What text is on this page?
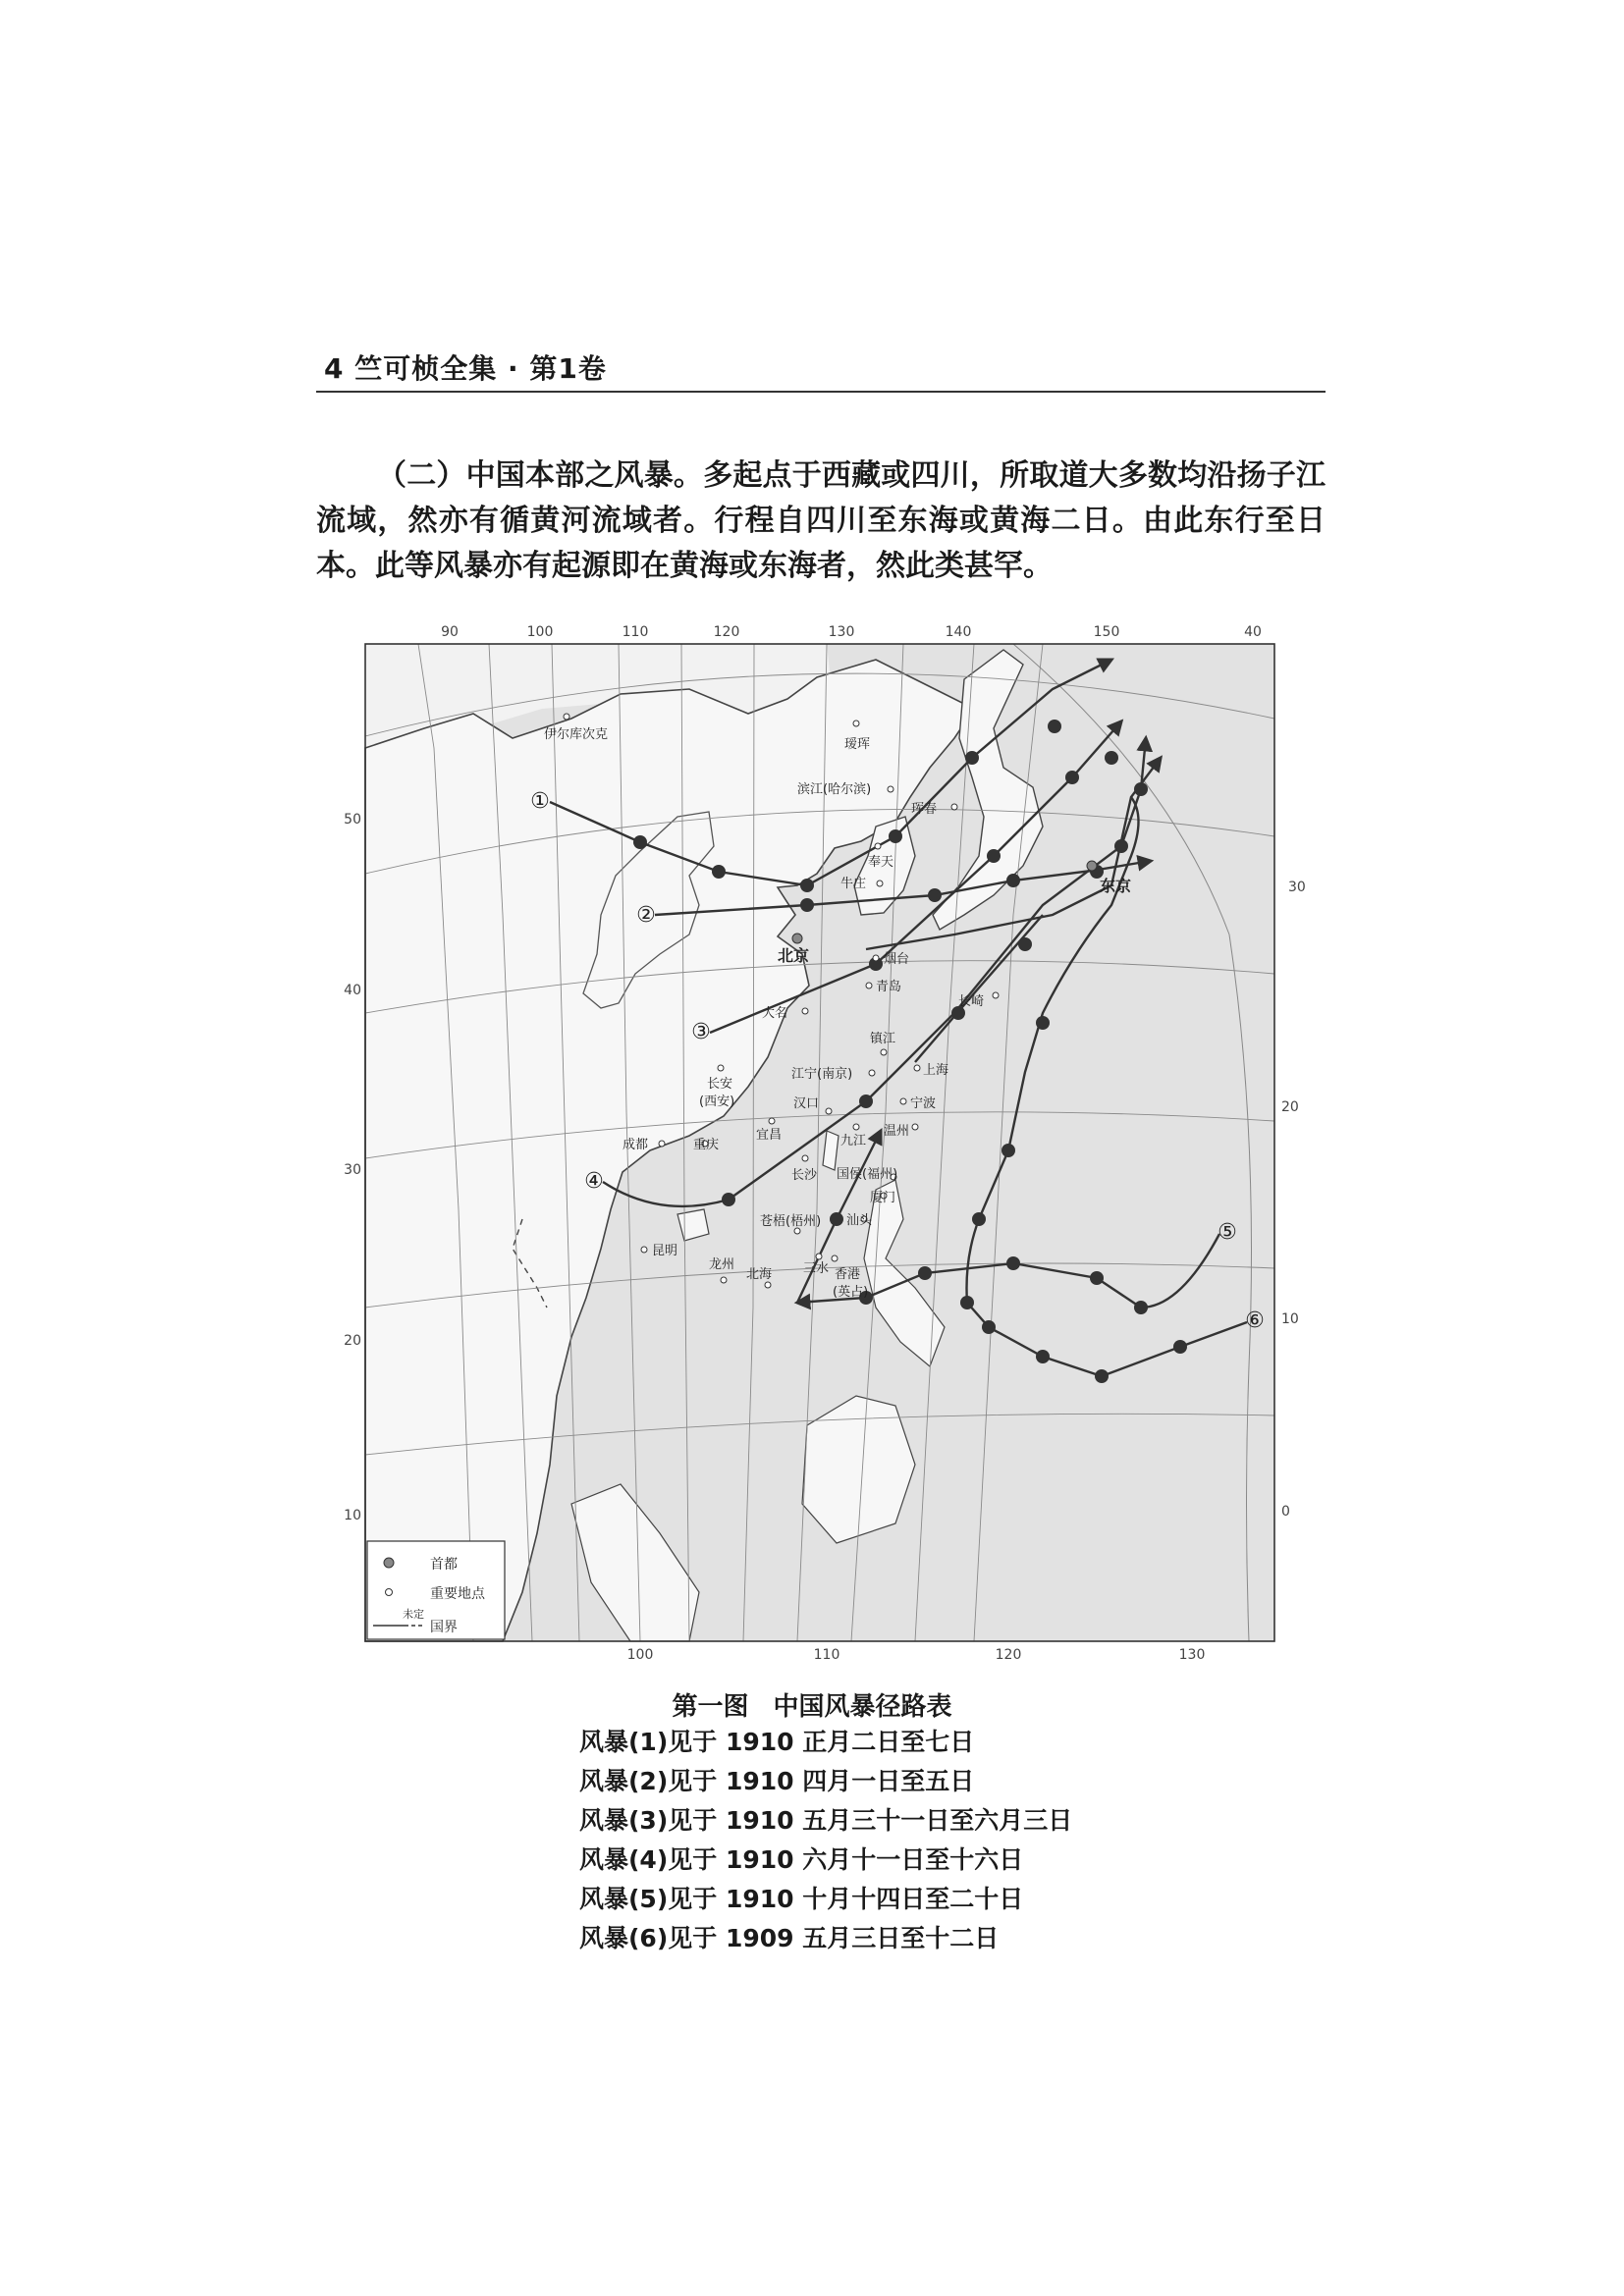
4 竺可桢全集 · 第1卷

（二）中国本部之风暴。多起点于西藏或四川，所取道大多数均沿扬子江流域，然亦有循黄河流域者。行程自四川至东海或黄海二日。由此东行至日本。此等风暴亦有起源即在黄海或东海者，然此类甚罕。

90	100	110	120	130	140	150	40
50
40
30
20
10
30
20
10
0
100	110	120	130
①
②
③
④
⑤
⑥
伊尔库次克
瑷珲
滨江(哈尔滨)
珲春
奉天
牛庄
北京	烟台
青岛
大名
镇江
江宁(南京)	上海
长安
(西安)	汉口	宁波
宜昌	九江
温州
成都	重庆
长沙 国侯(福州)
厦门
苍梧(梧州) 汕头
昆明
龙州	三水
北海	香港
(英占)
东京
长崎
首都
重要地点
未定
国界
第一图 中国风暴径路表
风暴(1)见于 1910 正月二日至七日
风暴(2)见于 1910 四月一日至五日
风暴(3)见于 1910 五月三十一日至六月三日
风暴(4)见于 1910 六月十一日至十六日
风暴(5)见于 1910 十月十四日至二十日
风暴(6)见于 1909 五月三日至十二日
